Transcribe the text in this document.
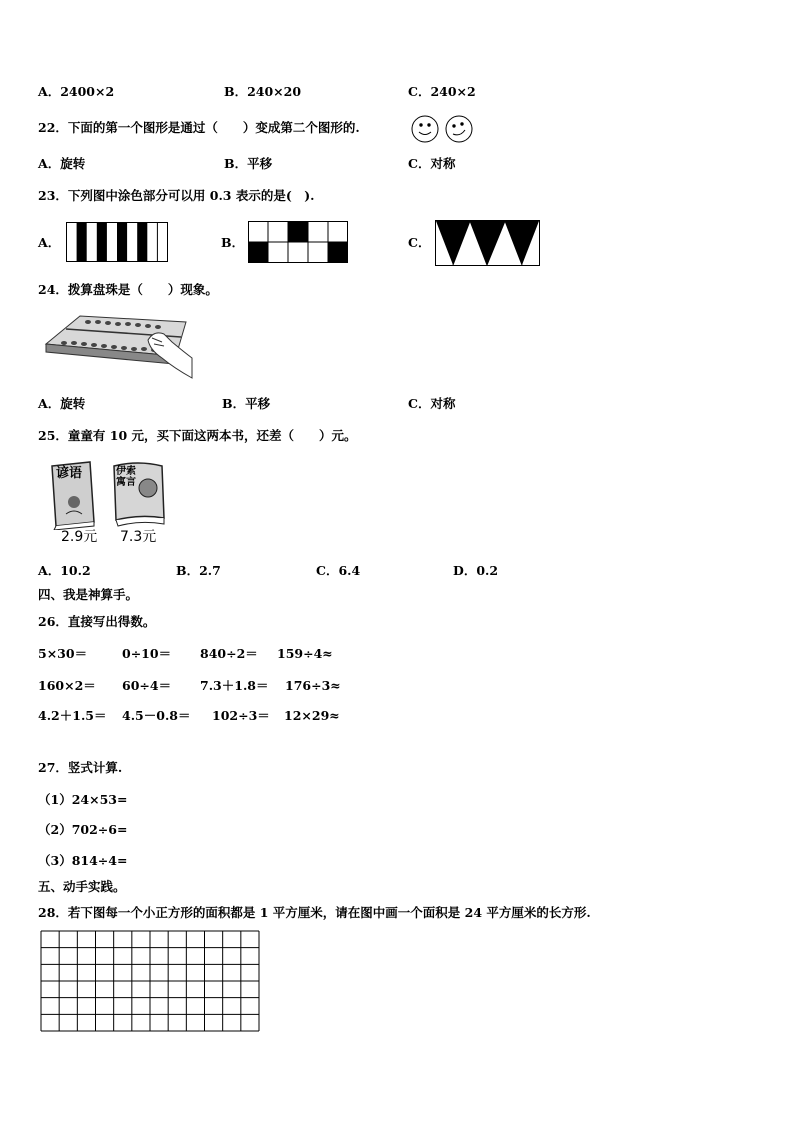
A．2400×2	B．240×20	C．240×2
22．下面的第一个图形是通过（　　）变成第二个图形的.
A．旋转	B．平移	C．对称
23．下列图中涂色部分可以用 0.3 表示的是(　).
A．	B．	C．
24．拨算盘珠是（　　）现象。
A．旋转	B．平移	C．对称
25．童童有 10 元，买下面这两本书，还差（　　）元。
谚语
2.9元
伊索寓言
7.3元
A．10.2	B．2.7	C．6.4	D．0.2
四、我是神算手。
26．直接写出得数。
5×30＝	0÷10＝ 840÷2＝ 159÷4≈
160×2＝ 60÷4＝ 7.3＋1.8＝ 176÷3≈
4.2＋1.5＝ 4.5－0.8＝ 102÷3＝ 12×29≈
27．竖式计算.
（1）24×53=
（2）702÷6=
（3）814÷4=
五、动手实践。
28．若下图每一个小正方形的面积都是 1 平方厘米，请在图中画一个面积是 24 平方厘米的长方形.
